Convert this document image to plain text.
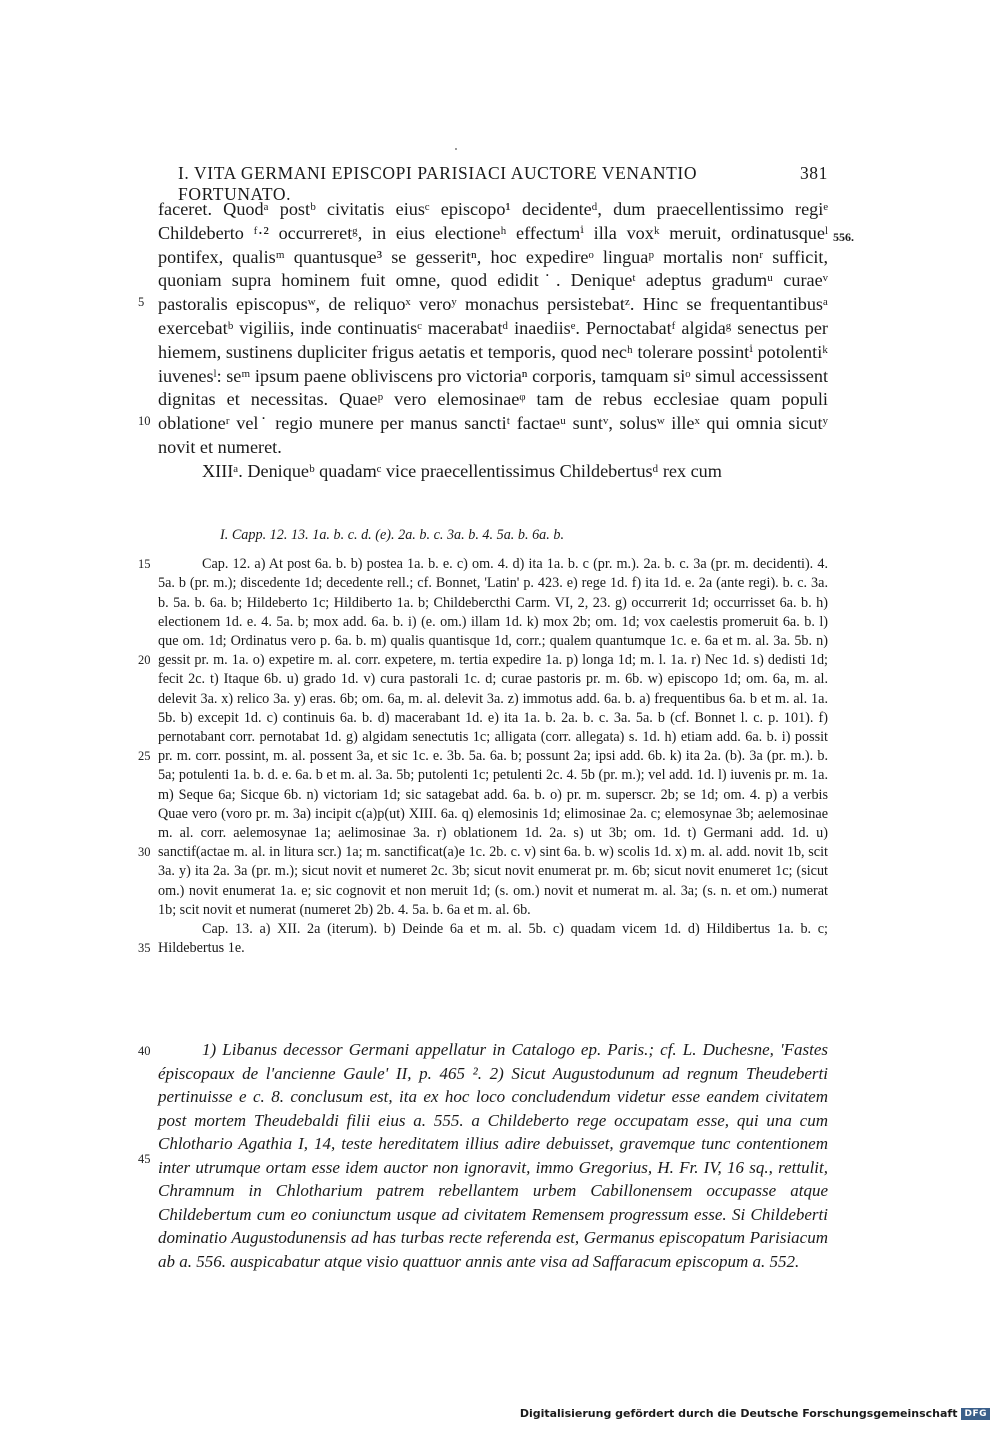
I. VITA GERMANI EPISCOPI PARISIACI AUCTORE VENANTIO FORTUNATO.
381
556.

faceret. Quodᵃ postᵇ civitatis eiusᶜ episcopo¹ decidenteᵈ, dum praecellentissimo regiᵉ Childeberto ᶠ·² occurreretᵍ, in eius electioneʰ effectumⁱ illa voxᵏ meruit, ordinatusqueˡ pontifex, qualisᵐ quantusque³ se gesseritⁿ, hoc expedireᵒ linguaᵖ mortalis nonʳ sufficit, quoniam supra hominem fuit omne, quod edidit˙. Deniqueᵗ adeptus gradumᵘ curaeᵛ pastoralis episcopusʷ, de reliquoˣ veroʸ monachus persistebatᶻ. Hinc se frequentantibusᵃ exercebatᵇ vigiliis, inde continuatisᶜ macerabatᵈ inaediisᵉ. Pernoctabatᶠ algidaᵍ senectus per hiemem, sustinens dupliciter frigus aetatis et temporis, quod necʰ tolerare possintⁱ potolentiᵏ iuvenesˡ: seᵐ ipsum paene obliviscens pro victoriaⁿ corporis, tamquam siᵒ simul accessissent dignitas et necessitas. Quaeᵖ vero elemosinaeᵠ tam de rebus ecclesiae quam populi oblationeʳ vel˙ regio munere per manus sanctiᵗ factaeᵘ suntᵛ, solusʷ illeˣ qui omnia sicutʸ novit et numeret.

XIIIᵃ. Deniqueᵇ quadamᶜ vice praecellentissimus Childebertusᵈ rex cum

5
10

I. Capp. 12. 13. 1a. b. c. d. (e). 2a. b. c. 3a. b. 4. 5a. b. 6a. b.

Cap. 12. a) At post 6a. b. b) postea 1a. b. e. c) om. 4. d) ita 1a. b. c (pr. m.). 2a. b. c. 3a (pr. m. decidenti). 4. 5a. b (pr. m.); discedente 1d; decedente rell.; cf. Bonnet, 'Latin' p. 423. e) rege 1d. f) ita 1d. e. 2a (ante regi). b. c. 3a. b. 5a. b. 6a. b; Hildeberto 1c; Hildiberto 1a. b; Childebercthi Carm. VI, 2, 23. g) occurrerit 1d; occurrisset 6a. b. h) electionem 1d. e. 4. 5a. b; mox add. 6a. b. i) (e. om.) illam 1d. k) mox 2b; om. 1d; vox caelestis promeruit 6a. b. l) que om. 1d; Ordinatus vero p. 6a. b. m) qualis quantisque 1d, corr.; qualem quantumque 1c. e. 6a et m. al. 3a. 5b. n) gessit pr. m. 1a. o) expetire m. al. corr. expetere, m. tertia expedire 1a. p) longa 1d; m. l. 1a. r) Nec 1d. s) dedisti 1d; fecit 2c. t) Itaque 6b. u) grado 1d. v) cura pastorali 1c. d; curae pastoris pr. m. 6b. w) episcopo 1d; om. 6a, m. al. delevit 3a. x) relico 3a. y) eras. 6b; om. 6a, m. al. delevit 3a. z) immotus add. 6a. b. a) frequentibus 6a. b et m. al. 1a. 5b. b) excepit 1d. c) continuis 6a. b. d) macerabant 1d. e) ita 1a. b. 2a. b. c. 3a. 5a. b (cf. Bonnet l. c. p. 101). f) pernotabant corr. pernotabat 1d. g) algidam senectutis 1c; alligata (corr. allegata) s. 1d. h) etiam add. 6a. b. i) possit pr. m. corr. possint, m. al. possent 3a, et sic 1c. e. 3b. 5a. 6a. b; possunt 2a; ipsi add. 6b. k) ita 2a. (b). 3a (pr. m.). b. 5a; potulenti 1a. b. d. e. 6a. b et m. al. 3a. 5b; putolenti 1c; petulenti 2c. 4. 5b (pr. m.); vel add. 1d. l) iuvenis pr. m. 1a. m) Seque 6a; Sicque 6b. n) victoriam 1d; sic satagebat add. 6a. b. o) pr. m. superscr. 2b; se 1d; om. 4. p) a verbis Quae vero (voro pr. m. 3a) incipit c(a)p(ut) XIII. 6a. q) elemosinis 1d; elimosinae 2a. c; elemosynae 3b; aelemosinae m. al. corr. aelemosynae 1a; aelimosinae 3a. r) oblationem 1d. 2a. s) ut 3b; om. 1d. t) Germani add. 1d. u) sanctif(actae m. al. in litura scr.) 1a; m. sanctificat(a)e 1c. 2b. c. v) sint 6a. b. w) scolis 1d. x) m. al. add. novit 1b, scit 3a. y) ita 2a. 3a (pr. m.); sicut novit et numeret 2c. 3b; sicut novit enumerat pr. m. 6b; sicut novit enumeret 1c; (sicut om.) novit enumerat 1a. e; sic cognovit et non meruit 1d; (s. om.) novit et numerat m. al. 3a; (s. n. et om.) numerat 1b; scit novit et numerat (numeret 2b) 2b. 4. 5a. b. 6a et m. al. 6b.

Cap. 13. a) XII. 2a (iterum). b) Deinde 6a et m. al. 5b. c) quadam vicem 1d. d) Hildibertus 1a. b. c; Hildebertus 1e.

15
20
25
30
35

1) Libanus decessor Germani appellatur in Catalogo ep. Paris.; cf. L. Duchesne, 'Fastes épiscopaux de l'ancienne Gaule' II, p. 465 ². 2) Sicut Augustodunum ad regnum Theudeberti pertinuisse e c. 8. conclusum est, ita ex hoc loco concludendum videtur esse eandem civitatem post mortem Theudebaldi filii eius a. 555. a Childeberto rege occupatam esse, qui una cum Chlothario Agathia I, 14, teste hereditatem illius adire debuisset, gravemque tunc contentionem inter utrumque ortam esse idem auctor non ignoravit, immo Gregorius, H. Fr. IV, 16 sq., rettulit, Chramnum in Chlotharium patrem rebellantem urbem Cabillonensem occupasse atque Childebertum cum eo coniunctum usque ad civitatem Remensem progressum esse. Si Childeberti dominatio Augustodunensis ad has turbas recte referenda est, Germanus episcopatum Parisiacum ab a. 556. auspicabatur atque visio quattuor annis ante visa ad Saffaracum episcopum a. 552.

40
45
Digitalisierung gefördert durch die Deutsche Forschungsgemeinschaft DFG
